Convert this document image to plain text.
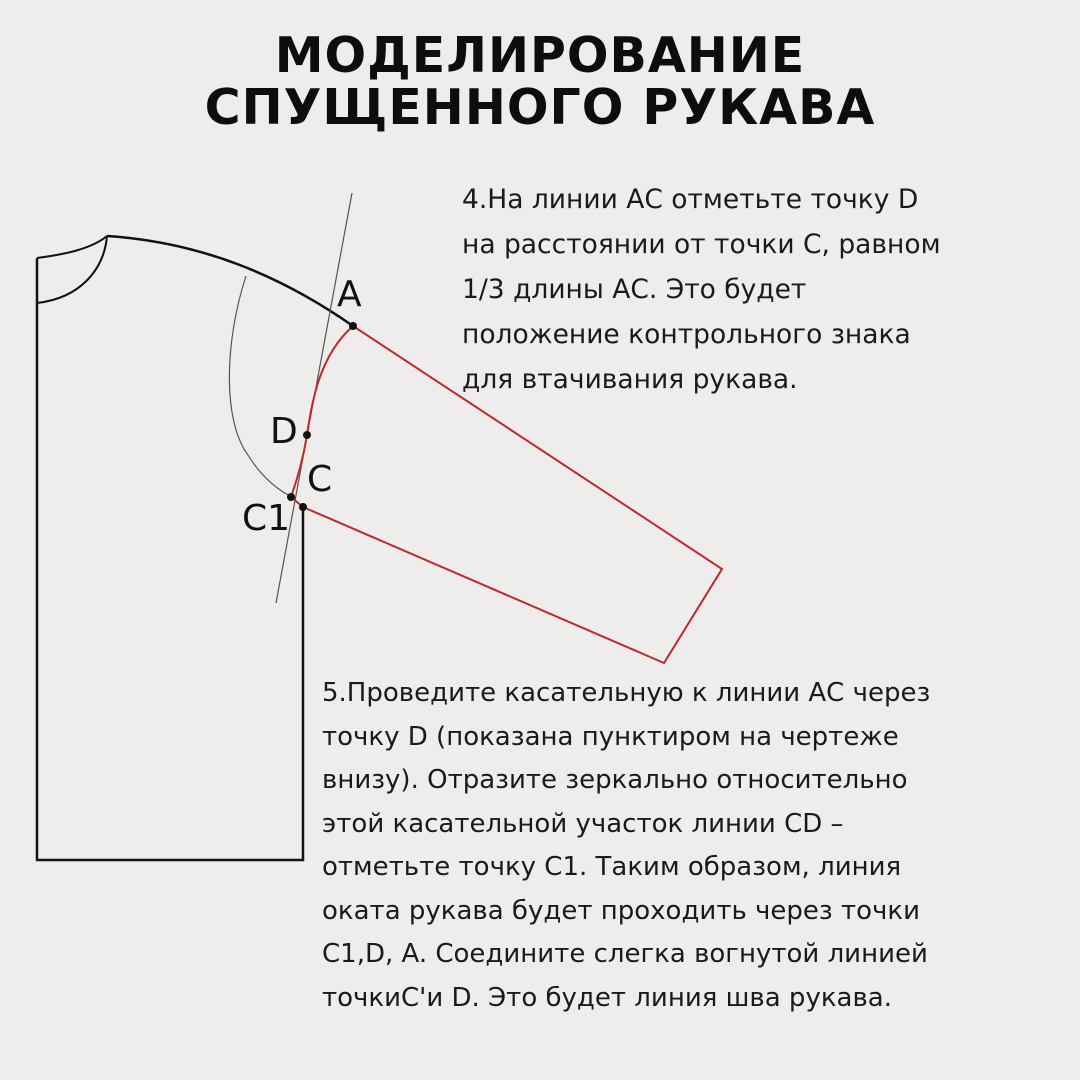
МОДЕЛИРОВАНИЕ
СПУЩЕННОГО РУКАВА
A
D
C
C1
4.На линии АС отметьте точку D
на расстоянии от точки С, равном
1/3 длины АС. Это будет
положение контрольного знака
для втачивания рукава.
5.Проведите касательную к линии АС через
точку D (показана пунктиром на чертеже
внизу). Отразите зеркально относительно
этой касательной участок линии CD –
отметьте точку C1. Таким образом, линия
оката рукава будет проходить через точки
C1,D, A. Соедините слегка вогнутой линией
точкиС'и D. Это будет линия шва рукава.
